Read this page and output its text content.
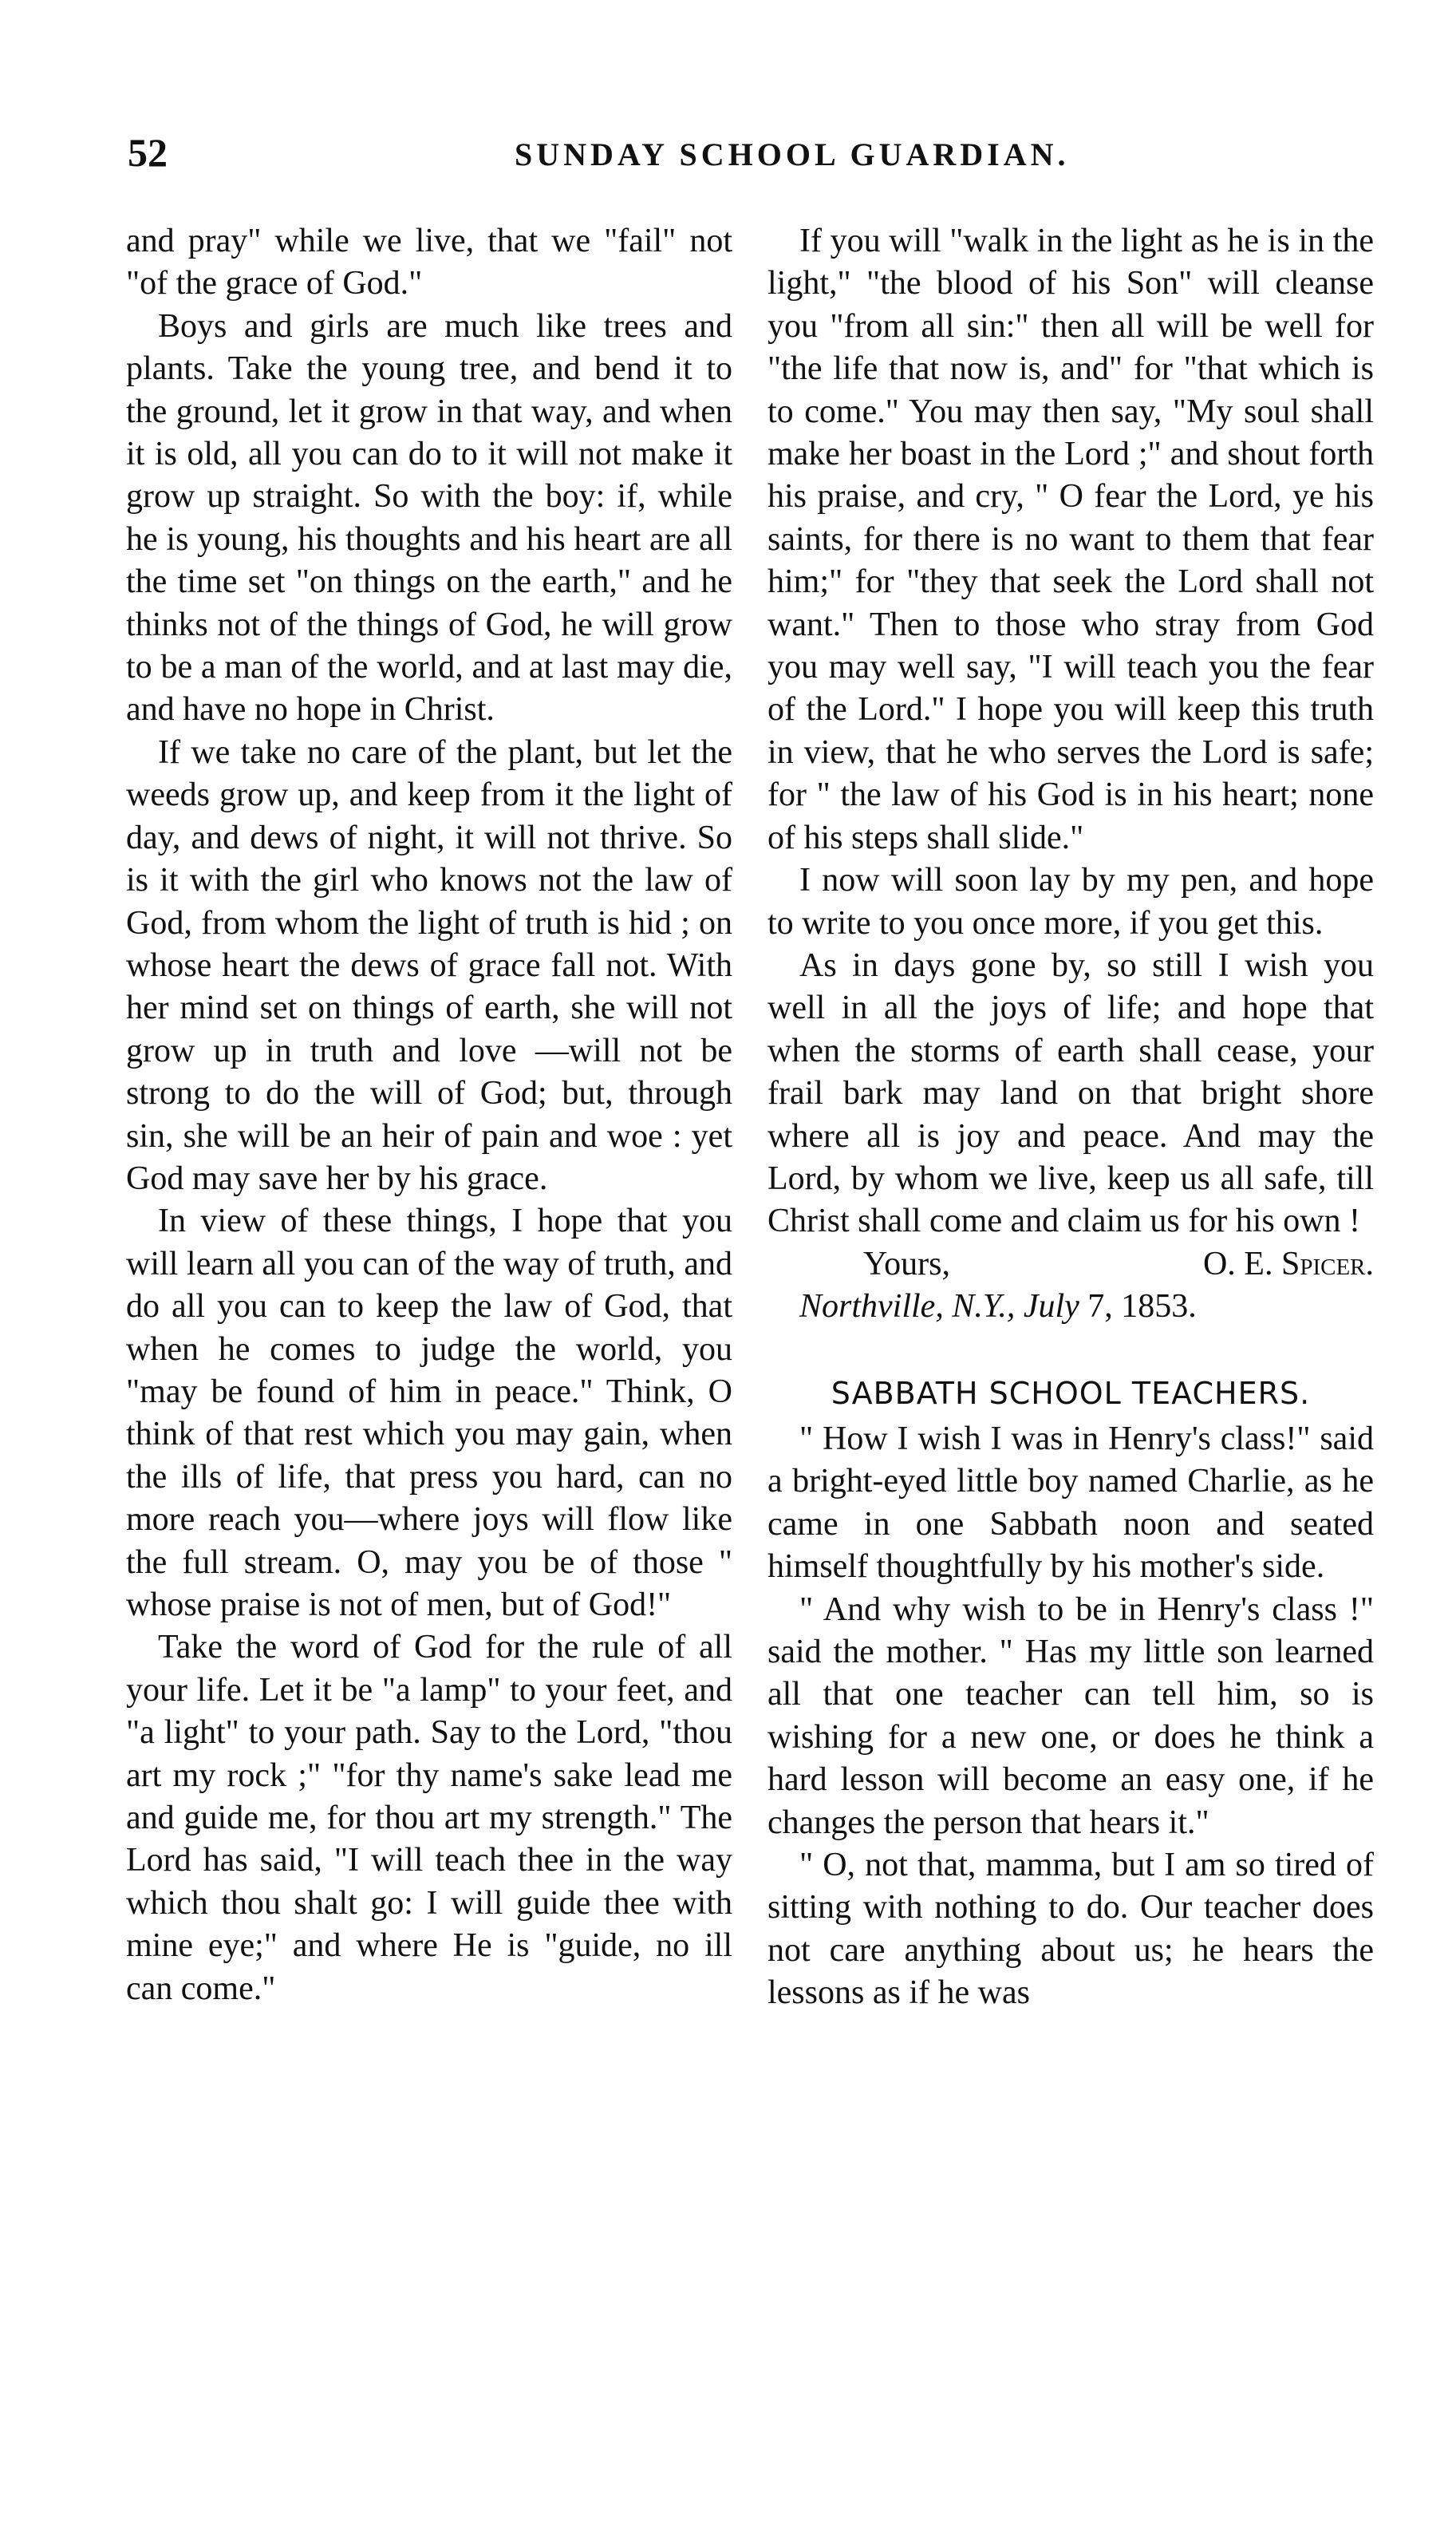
52	SUNDAY SCHOOL GUARDIAN.

and pray" while we live, that we "fail" not "of the grace of God."

Boys and girls are much like trees and plants. Take the young tree, and bend it to the ground, let it grow in that way, and when it is old, all you can do to it will not make it grow up straight. So with the boy: if, while he is young, his thoughts and his heart are all the time set "on things on the earth," and he thinks not of the things of God, he will grow to be a man of the world, and at last may die, and have no hope in Christ.

If we take no care of the plant, but let the weeds grow up, and keep from it the light of day, and dews of night, it will not thrive. So is it with the girl who knows not the law of God, from whom the light of truth is hid ; on whose heart the dews of grace fall not. With her mind set on things of earth, she will not grow up in truth and love —will not be strong to do the will of God; but, through sin, she will be an heir of pain and woe : yet God may save her by his grace.

In view of these things, I hope that you will learn all you can of the way of truth, and do all you can to keep the law of God, that when he comes to judge the world, you "may be found of him in peace." Think, O think of that rest which you may gain, when the ills of life, that press you hard, can no more reach you—where joys will flow like the full stream. O, may you be of those " whose praise is not of men, but of God!"

Take the word of God for the rule of all your life. Let it be "a lamp" to your feet, and "a light" to your path. Say to the Lord, "thou art my rock ;" "for thy name's sake lead me and guide me, for thou art my strength." The Lord has said, "I will teach thee in the way which thou shalt go: I will guide thee with mine eye;" and where He is "guide, no ill can come."

If you will "walk in the light as he is in the light," "the blood of his Son" will cleanse you "from all sin:" then all will be well for "the life that now is, and" for "that which is to come." You may then say, "My soul shall make her boast in the Lord ;" and shout forth his praise, and cry, " O fear the Lord, ye his saints, for there is no want to them that fear him;" for "they that seek the Lord shall not want." Then to those who stray from God you may well say, "I will teach you the fear of the Lord." I hope you will keep this truth in view, that he who serves the Lord is safe; for " the law of his God is in his heart; none of his steps shall slide."

I now will soon lay by my pen, and hope to write to you once more, if you get this.

As in days gone by, so still I wish you well in all the joys of life; and hope that when the storms of earth shall cease, your frail bark may land on that bright shore where all is joy and peace. And may the Lord, by whom we live, keep us all safe, till Christ shall come and claim us for his own !

Yours,	O. E. Spicer.
Northville, N.Y., July 7, 1853.
SABBATH SCHOOL TEACHERS.

" How I wish I was in Henry's class!" said a bright-eyed little boy named Charlie, as he came in one Sabbath noon and seated himself thoughtfully by his mother's side.

" And why wish to be in Henry's class !" said the mother. " Has my little son learned all that one teacher can tell him, so is wishing for a new one, or does he think a hard lesson will become an easy one, if he changes the person that hears it."

" O, not that, mamma, but I am so tired of sitting with nothing to do. Our teacher does not care anything about us; he hears the lessons as if he was
